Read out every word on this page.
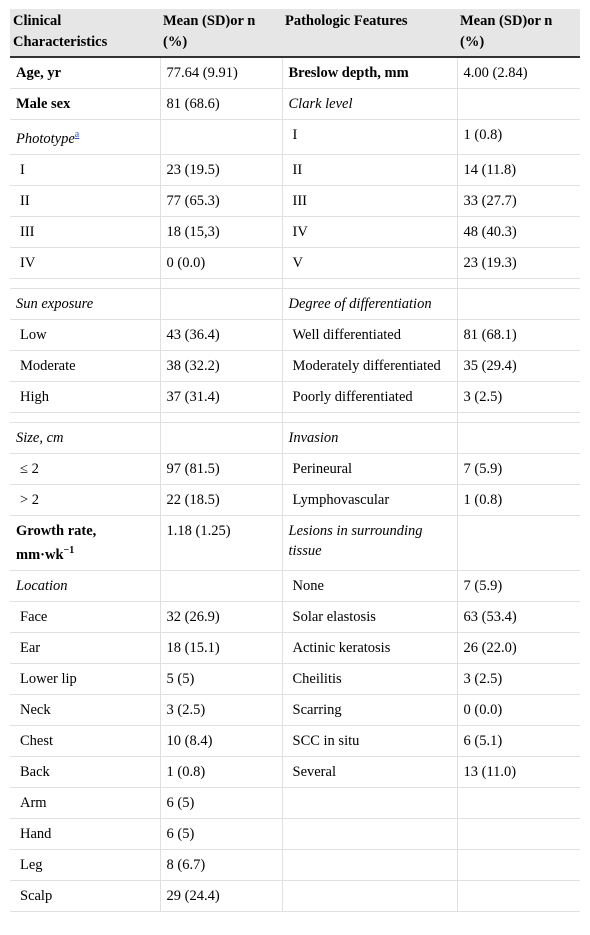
Clinical Characteristics	Mean (SD)or n (%)	Pathologic Features	Mean (SD)or n (%)
Age, yr	77.64 (9.91)	Breslow depth, mm	4.00 (2.84)
Male sex	81 (68.6)	Clark level	
Phototype$^a$		I	1 (0.8)
I	23 (19.5)	II	14 (11.8)
II	77 (65.3)	III	33 (27.7)
III	18 (15,3)	IV	48 (40.3)
IV	0 (0.0)	V	23 (19.3)

Sun exposure		Degree of differentiation	
Low	43 (36.4)	Well differentiated	81 (68.1)
Moderate	38 (32.2)	Moderately differentiated	35 (29.4)
High	37 (31.4)	Poorly differentiated	3 (2.5)

Size, cm		Invasion	
≤ 2	97 (81.5)	Perineural	7 (5.9)
> 2	22 (18.5)	Lymphovascular	1 (0.8)
Growth rate, $mm\cdot wk^{-1}$	1.18 (1.25)	Lesions in surrounding tissue	
Location		None	7 (5.9)
Face	32 (26.9)	Solar elastosis	63 (53.4)
Ear	18 (15.1)	Actinic keratosis	26 (22.0)
Lower lip	5 (5)	Cheilitis	3 (2.5)
Neck	3 (2.5)	Scarring	0 (0.0)
Chest	10 (8.4)	SCC in situ	6 (5.1)
Back	1 (0.8)	Several	13 (11.0)
Arm	6 (5)		
Hand	6 (5)		
Leg	8 (6.7)		
Scalp	29 (24.4)		
